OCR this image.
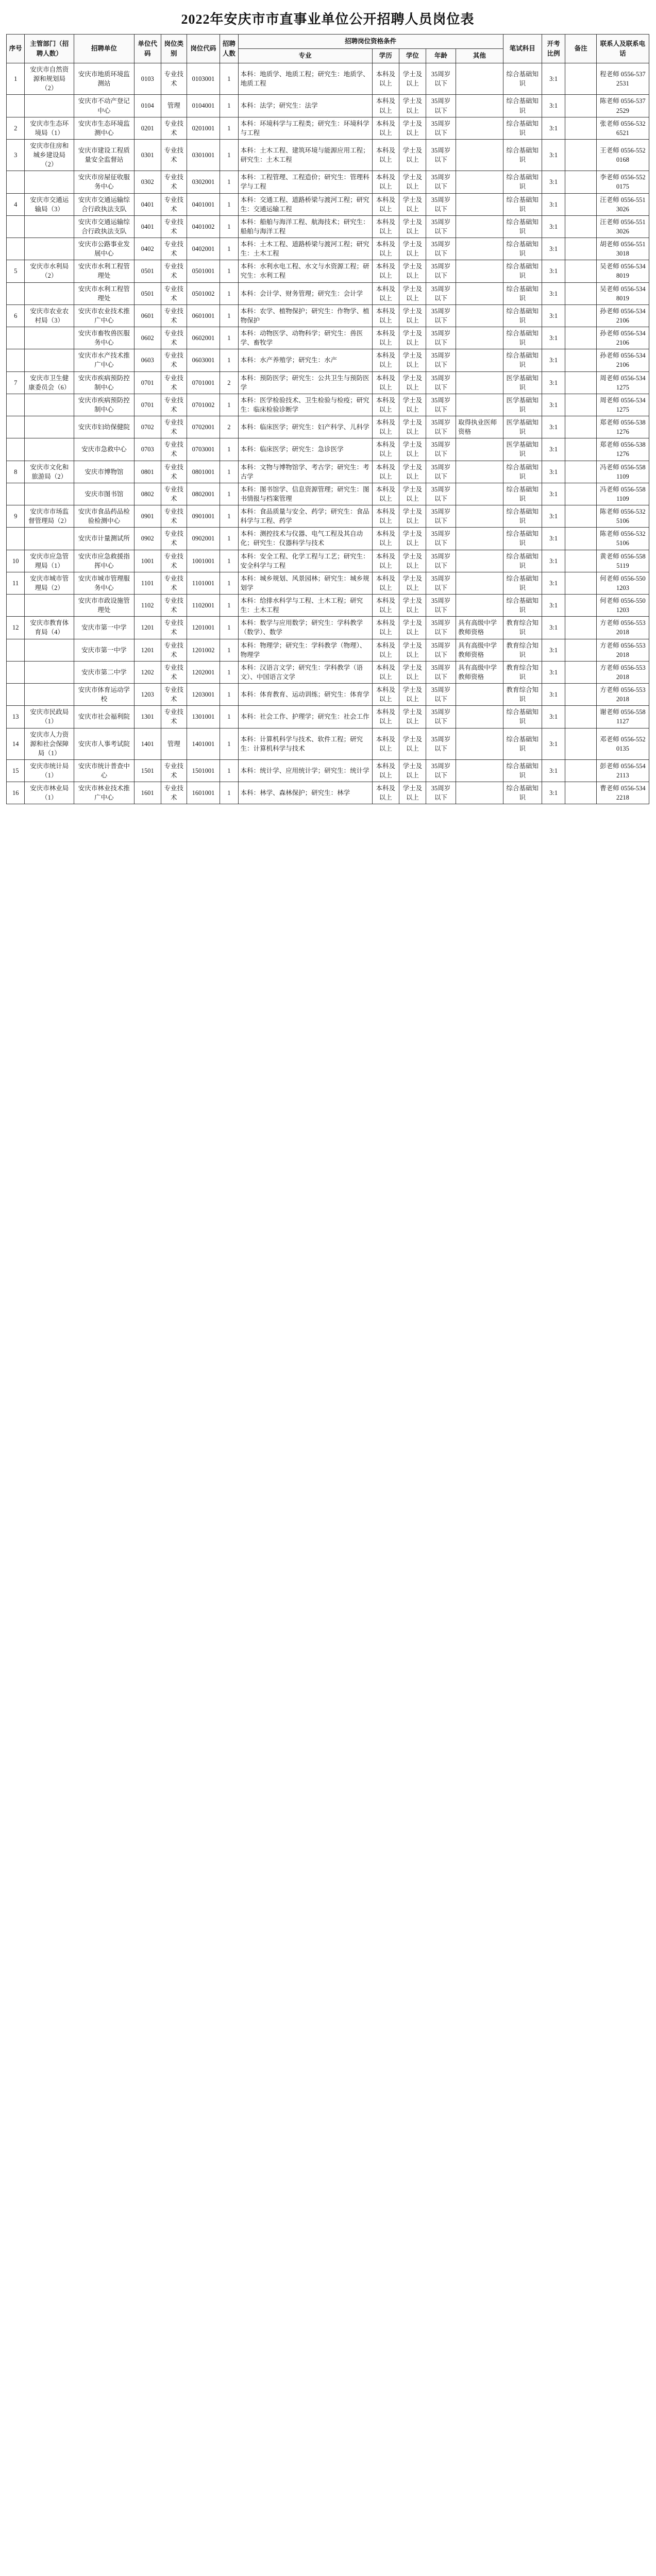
2022年安庆市市直事业单位公开招聘人员岗位表
序号	主管部门（招聘人数）	招聘单位	单位代码	岗位类别	岗位代码	招聘人数	招聘岗位资格条件					笔试科目	开考比例	备注	联系人及联系电话
							专业	学历	学位	年龄	其他				
1	安庆市自然资源和规划局（2）	安庆市地质环境监测站	0103	专业技术	0103001	1	本科：地质学、地质工程；研究生：地质学、地质工程	本科及以上	学士及以上	35周岁以下		综合基础知识	3:1		程老师 0556-5372531
		安庆市不动产登记中心	0104	管理	0104001	1	本科：法学；研究生：法学	本科及以上	学士及以上	35周岁以下		综合基础知识	3:1		陈老师 0556-5372529
2	安庆市生态环境局（1）	安庆市生态环境监测中心	0201	专业技术	0201001	1	本科：环境科学与工程类；研究生：环境科学与工程	本科及以上	学士及以上	35周岁以下		综合基础知识	3:1		张老师 0556-5326521
3	安庆市住房和城乡建设局（2）	安庆市建设工程质量安全监督站	0301	专业技术	0301001	1	本科：土木工程、建筑环境与能源应用工程；研究生：土木工程	本科及以上	学士及以上	35周岁以下		综合基础知识	3:1		王老师 0556-5520168
		安庆市房屋征收服务中心	0302	专业技术	0302001	1	本科：工程管理、工程造价；研究生：管理科学与工程	本科及以上	学士及以上	35周岁以下		综合基础知识	3:1		李老师 0556-5520175
4	安庆市交通运输局（3）	安庆市交通运输综合行政执法支队	0401	专业技术	0401001	1	本科：交通工程、道路桥梁与渡河工程；研究生：交通运输工程	本科及以上	学士及以上	35周岁以下		综合基础知识	3:1		汪老师 0556-5513026
		安庆市交通运输综合行政执法支队	0401	专业技术	0401002	1	本科：船舶与海洋工程、航海技术；研究生：船舶与海洋工程	本科及以上	学士及以上	35周岁以下		综合基础知识	3:1		汪老师 0556-5513026
		安庆市公路事业发展中心	0402	专业技术	0402001	1	本科：土木工程、道路桥梁与渡河工程；研究生：土木工程	本科及以上	学士及以上	35周岁以下		综合基础知识	3:1		胡老师 0556-5513018
5	安庆市水利局（2）	安庆市水利工程管理处	0501	专业技术	0501001	1	本科：水利水电工程、水文与水资源工程；研究生：水利工程	本科及以上	学士及以上	35周岁以下		综合基础知识	3:1		吴老师 0556-5348019
		安庆市水利工程管理处	0501	专业技术	0501002	1	本科：会计学、财务管理；研究生：会计学	本科及以上	学士及以上	35周岁以下		综合基础知识	3:1		吴老师 0556-5348019
6	安庆市农业农村局（3）	安庆市农业技术推广中心	0601	专业技术	0601001	1	本科：农学、植物保护；研究生：作物学、植物保护	本科及以上	学士及以上	35周岁以下		综合基础知识	3:1		孙老师 0556-5342106
		安庆市畜牧兽医服务中心	0602	专业技术	0602001	1	本科：动物医学、动物科学；研究生：兽医学、畜牧学	本科及以上	学士及以上	35周岁以下		综合基础知识	3:1		孙老师 0556-5342106
		安庆市水产技术推广中心	0603	专业技术	0603001	1	本科：水产养殖学；研究生：水产	本科及以上	学士及以上	35周岁以下		综合基础知识	3:1		孙老师 0556-5342106
7	安庆市卫生健康委员会（6）	安庆市疾病预防控制中心	0701	专业技术	0701001	2	本科：预防医学；研究生：公共卫生与预防医学	本科及以上	学士及以上	35周岁以下		医学基础知识	3:1		周老师 0556-5341275
		安庆市疾病预防控制中心	0701	专业技术	0701002	1	本科：医学检验技术、卫生检验与检疫；研究生：临床检验诊断学	本科及以上	学士及以上	35周岁以下		医学基础知识	3:1		周老师 0556-5341275
		安庆市妇幼保健院	0702	专业技术	0702001	2	本科：临床医学；研究生：妇产科学、儿科学	本科及以上	学士及以上	35周岁以下	取得执业医师资格	医学基础知识	3:1		郑老师 0556-5381276
		安庆市急救中心	0703	专业技术	0703001	1	本科：临床医学；研究生：急诊医学	本科及以上	学士及以上	35周岁以下		医学基础知识	3:1		郑老师 0556-5381276
8	安庆市文化和旅游局（2）	安庆市博物馆	0801	专业技术	0801001	1	本科：文物与博物馆学、考古学；研究生：考古学	本科及以上	学士及以上	35周岁以下		综合基础知识	3:1		冯老师 0556-5581109
		安庆市图书馆	0802	专业技术	0802001	1	本科：图书馆学、信息资源管理；研究生：图书情报与档案管理	本科及以上	学士及以上	35周岁以下		综合基础知识	3:1		冯老师 0556-5581109
9	安庆市市场监督管理局（2）	安庆市食品药品检验检测中心	0901	专业技术	0901001	1	本科：食品质量与安全、药学；研究生：食品科学与工程、药学	本科及以上	学士及以上	35周岁以下		综合基础知识	3:1		陈老师 0556-5325106
		安庆市计量测试所	0902	专业技术	0902001	1	本科：测控技术与仪器、电气工程及其自动化；研究生：仪器科学与技术	本科及以上	学士及以上	35周岁以下		综合基础知识	3:1		陈老师 0556-5325106
10	安庆市应急管理局（1）	安庆市应急救援指挥中心	1001	专业技术	1001001	1	本科：安全工程、化学工程与工艺；研究生：安全科学与工程	本科及以上	学士及以上	35周岁以下		综合基础知识	3:1		黄老师 0556-5585119
11	安庆市城市管理局（2）	安庆市城市管理服务中心	1101	专业技术	1101001	1	本科：城乡规划、风景园林；研究生：城乡规划学	本科及以上	学士及以上	35周岁以下		综合基础知识	3:1		何老师 0556-5501203
		安庆市市政设施管理处	1102	专业技术	1102001	1	本科：给排水科学与工程、土木工程；研究生：土木工程	本科及以上	学士及以上	35周岁以下		综合基础知识	3:1		何老师 0556-5501203
12	安庆市教育体育局（4）	安庆市第一中学	1201	专业技术	1201001	1	本科：数学与应用数学；研究生：学科教学（数学）、数学	本科及以上	学士及以上	35周岁以下	具有高级中学教师资格	教育综合知识	3:1		方老师 0556-5532018
		安庆市第一中学	1201	专业技术	1201002	1	本科：物理学；研究生：学科教学（物理）、物理学	本科及以上	学士及以上	35周岁以下	具有高级中学教师资格	教育综合知识	3:1		方老师 0556-5532018
		安庆市第二中学	1202	专业技术	1202001	1	本科：汉语言文学；研究生：学科教学（语文）、中国语言文学	本科及以上	学士及以上	35周岁以下	具有高级中学教师资格	教育综合知识	3:1		方老师 0556-5532018
		安庆市体育运动学校	1203	专业技术	1203001	1	本科：体育教育、运动训练；研究生：体育学	本科及以上	学士及以上	35周岁以下		教育综合知识	3:1		方老师 0556-5532018
13	安庆市民政局（1）	安庆市社会福利院	1301	专业技术	1301001	1	本科：社会工作、护理学；研究生：社会工作	本科及以上	学士及以上	35周岁以下		综合基础知识	3:1		谢老师 0556-5581127
14	安庆市人力资源和社会保障局（1）	安庆市人事考试院	1401	管理	1401001	1	本科：计算机科学与技术、软件工程；研究生：计算机科学与技术	本科及以上	学士及以上	35周岁以下		综合基础知识	3:1		邓老师 0556-5520135
15	安庆市统计局（1）	安庆市统计普查中心	1501	专业技术	1501001	1	本科：统计学、应用统计学；研究生：统计学	本科及以上	学士及以上	35周岁以下		综合基础知识	3:1		彭老师 0556-5542113
16	安庆市林业局（1）	安庆市林业技术推广中心	1601	专业技术	1601001	1	本科：林学、森林保护；研究生：林学	本科及以上	学士及以上	35周岁以下		综合基础知识	3:1		曹老师 0556-5342218
